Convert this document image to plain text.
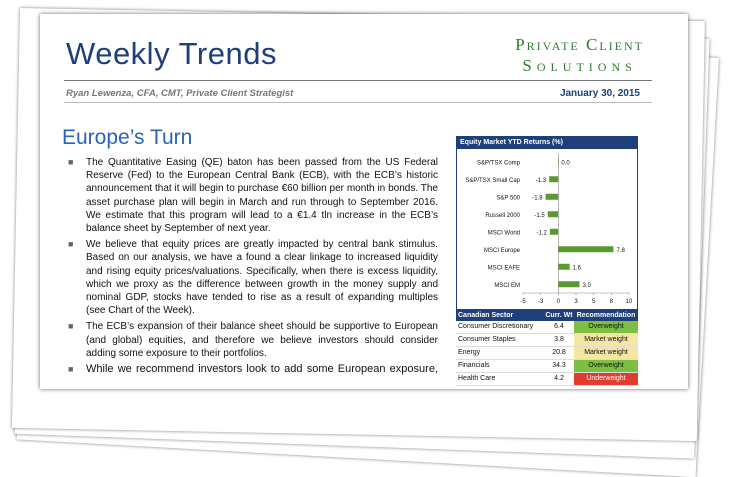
Weekly Trends	Private Client
Solutions
Ryan Lewenza, CFA, CMT, Private Client Strategist	January 30, 2015
Europe’s Turn
■ The Quantitative Easing (QE) baton has been passed from the US Federal Reserve (Fed) to the European Central Bank (ECB), with the ECB’s historic announcement that it will begin to purchase €60 billion per month in bonds. The asset purchase plan will begin in March and run through to September 2016. We estimate that this program will lead to a €1.4 tln increase in the ECB’s balance sheet by September of next year.
■ We believe that equity prices are greatly impacted by central bank stimulus. Based on our analysis, we have a found a clear linkage to increased liquidity and rising equity prices/valuations. Specifically, when there is excess liquidity, which we proxy as the difference between growth in the money supply and nominal GDP, stocks have tended to rise as a result of expanding multiples (see Chart of the Week).
■ The ECB’s expansion of their balance sheet should be supportive to European (and global) equities, and therefore we believe investors should consider adding some exposure to their portfolios.
■ While we recommend investors look to add some European exposure,
Equity Market YTD Returns (%)
S&P/TSX Comp	0.0
S&P/TSX Small Cap	-1.3
S&P 500 -1.8
Russell 2000 -1.5
MSCI World	-1.2
MSCI Europe	7.8
MSCI EAFE	1.6
MSCI EM	3.0
-5 -3 0 3 5 8 10
Canadian Sector	Curr. Wt Recommendation
Consumer Discretionary	6.4	Overweight
Consumer Staples	3.8	Market weight
Energy	20.8	Market weight
Financials	34.3	Overweight
Health Care	4.2	Underweight
